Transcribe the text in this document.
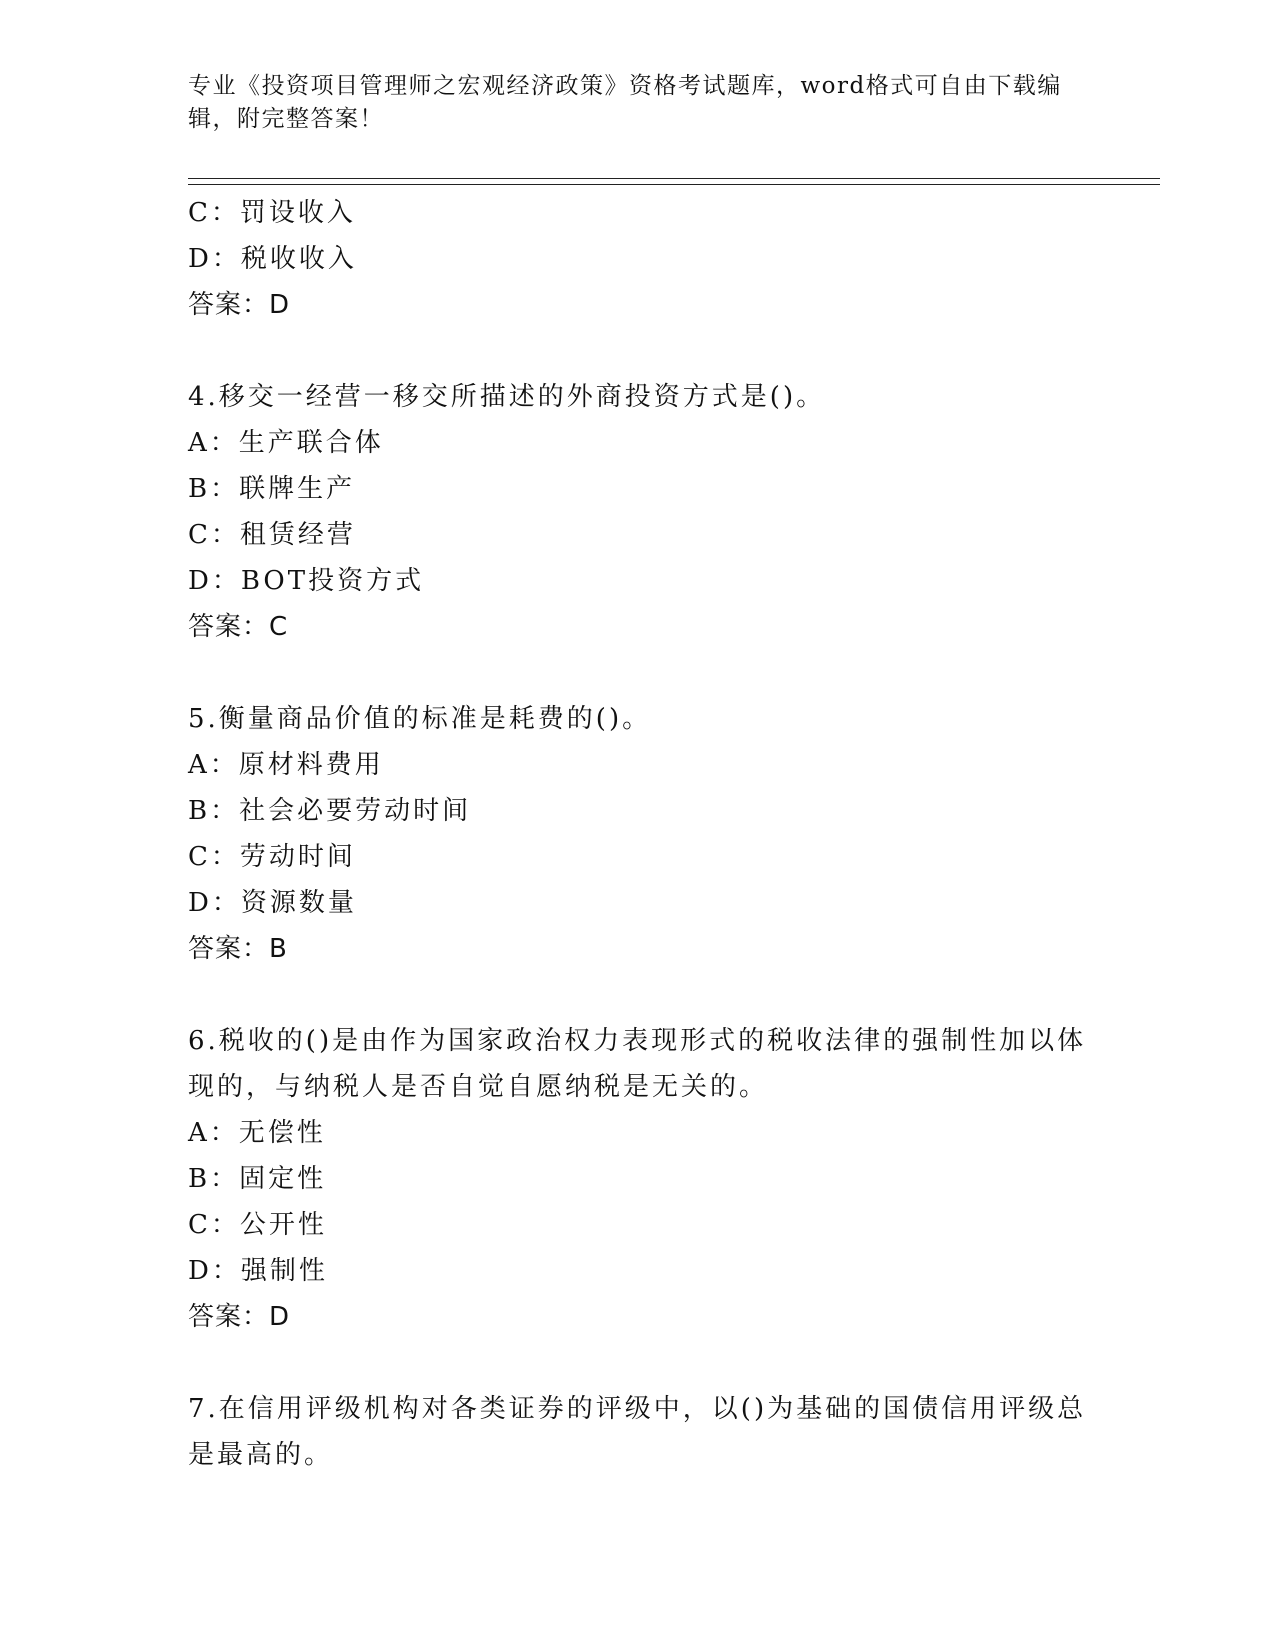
专业《投资项目管理师之宏观经济政策》资格考试题库，word格式可自由下载编辑，附完整答案！
C：罚设收入
D：税收收入
答案：D
4.移交一经营一移交所描述的外商投资方式是()。
A：生产联合体
B：联牌生产
C：租赁经营
D：BOT投资方式
答案：C
5.衡量商品价值的标准是耗费的()。
A：原材料费用
B：社会必要劳动时间
C：劳动时间
D：资源数量
答案：B
6.税收的()是由作为国家政治权力表现形式的税收法律的强制性加以体现的，与纳税人是否自觉自愿纳税是无关的。
A：无偿性
B：固定性
C：公开性
D：强制性
答案：D
7.在信用评级机构对各类证券的评级中，以()为基础的国债信用评级总是最高的。
